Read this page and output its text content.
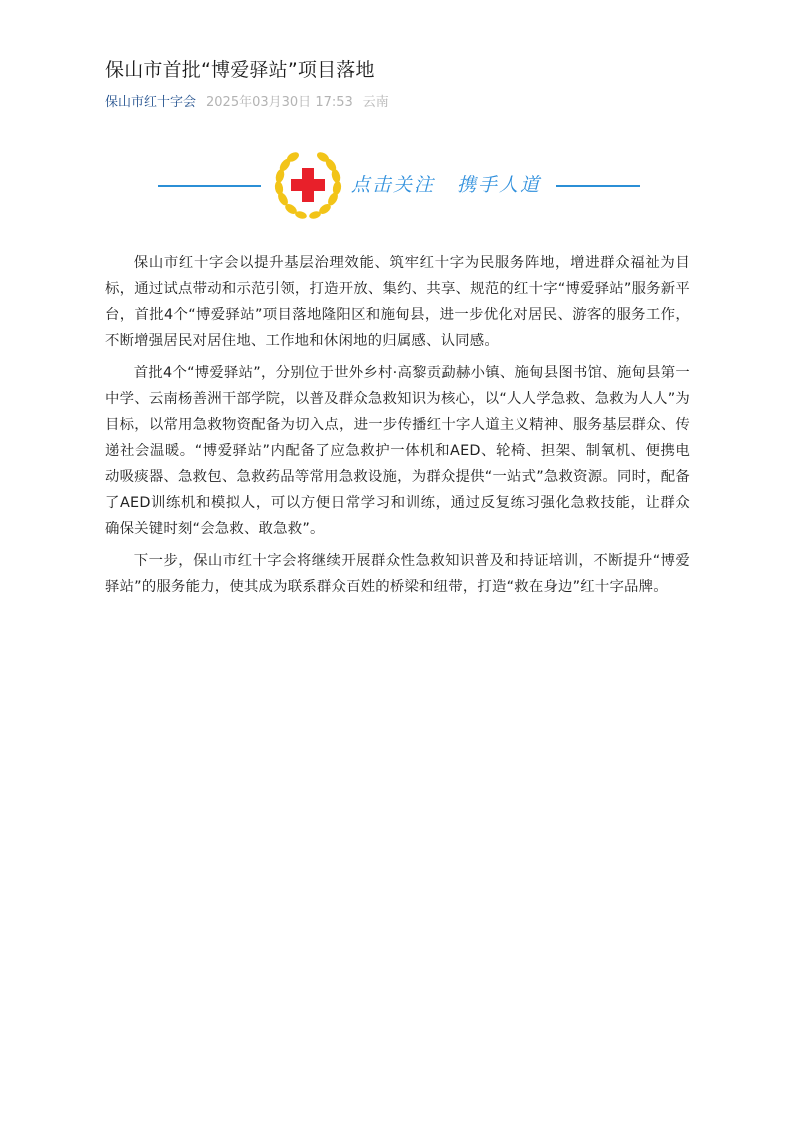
保山市首批“博爱驿站”项目落地
保山市红十字会 2025年03月30日 17:53 云南
点击关注 携手人道

保山市红十字会以提升基层治理效能、筑牢红十字为民服务阵地，增进群众福祉为目标，通过试点带动和示范引领，打造开放、集约、共享、规范的红十字“博爱驿站”服务新平台，首批4个“博爱驿站”项目落地隆阳区和施甸县，进一步优化对居民、游客的服务工作，不断增强居民对居住地、工作地和休闲地的归属感、认同感。

首批4个“博爱驿站”，分别位于世外乡村·高黎贡勐赫小镇、施甸县图书馆、施甸县第一中学、云南杨善洲干部学院，以普及群众急救知识为核心，以“人人学急救、急救为人人”为目标，以常用急救物资配备为切入点，进一步传播红十字人道主义精神、服务基层群众、传递社会温暖。“博爱驿站”内配备了应急救护一体机和AED、轮椅、担架、制氧机、便携电动吸痰器、急救包、急救药品等常用急救设施，为群众提供“一站式”急救资源。同时，配备了AED训练机和模拟人，可以方便日常学习和训练，通过反复练习强化急救技能，让群众确保关键时刻“会急救、敢急救”。

下一步，保山市红十字会将继续开展群众性急救知识普及和持证培训，不断提升“博爱驿站”的服务能力，使其成为联系群众百姓的桥梁和纽带，打造“救在身边”红十字品牌。
